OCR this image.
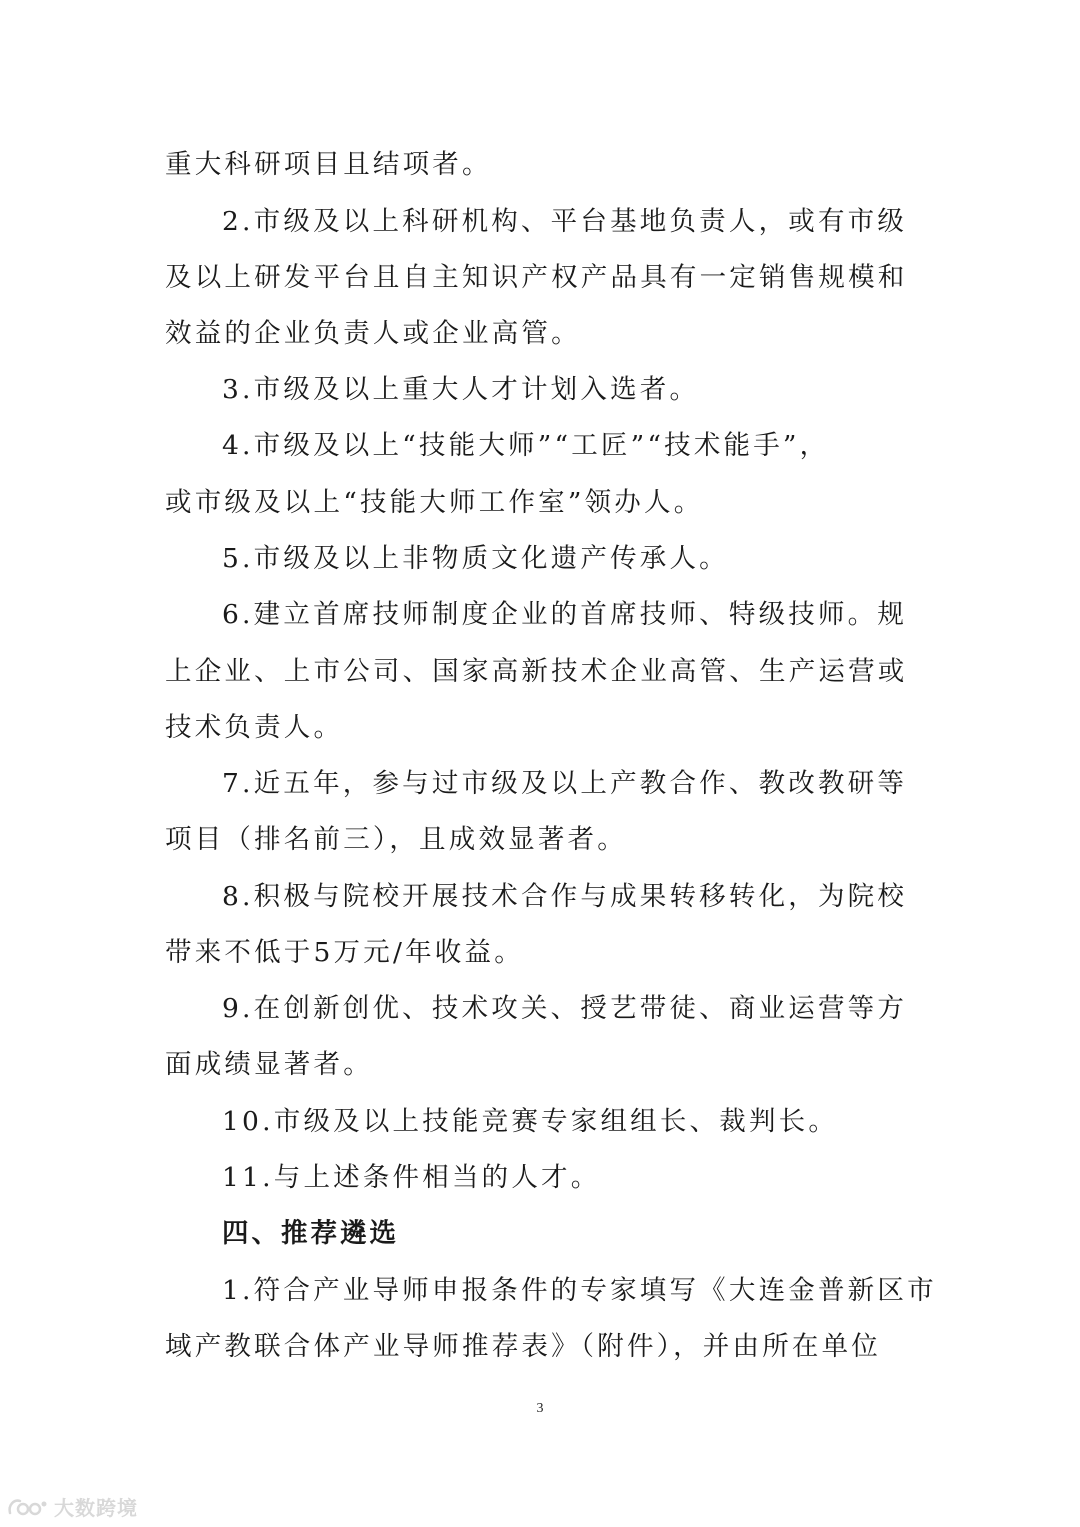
重大科研项目且结项者。
2.市级及以上科研机构、平台基地负责人，或有市级
及以上研发平台且自主知识产权产品具有一定销售规模和
效益的企业负责人或企业高管。
3.市级及以上重大人才计划入选者。
4.市级及以上“技能大师”“工匠”“技术能手”，
或市级及以上“技能大师工作室”领办人。
5.市级及以上非物质文化遗产传承人。
6.建立首席技师制度企业的首席技师、特级技师。规
上企业、上市公司、国家高新技术企业高管、生产运营或
技术负责人。
7.近五年，参与过市级及以上产教合作、教改教研等
项目（排名前三），且成效显著者。
8.积极与院校开展技术合作与成果转移转化，为院校
带来不低于5万元/年收益。
9.在创新创优、技术攻关、授艺带徒、商业运营等方
面成绩显著者。
10.市级及以上技能竞赛专家组组长、裁判长。
11.与上述条件相当的人才。
四、推荐遴选
1.符合产业导师申报条件的专家填写《大连金普新区市
域产教联合体产业导师推荐表》（附件），并由所在单位
3
大数跨境
